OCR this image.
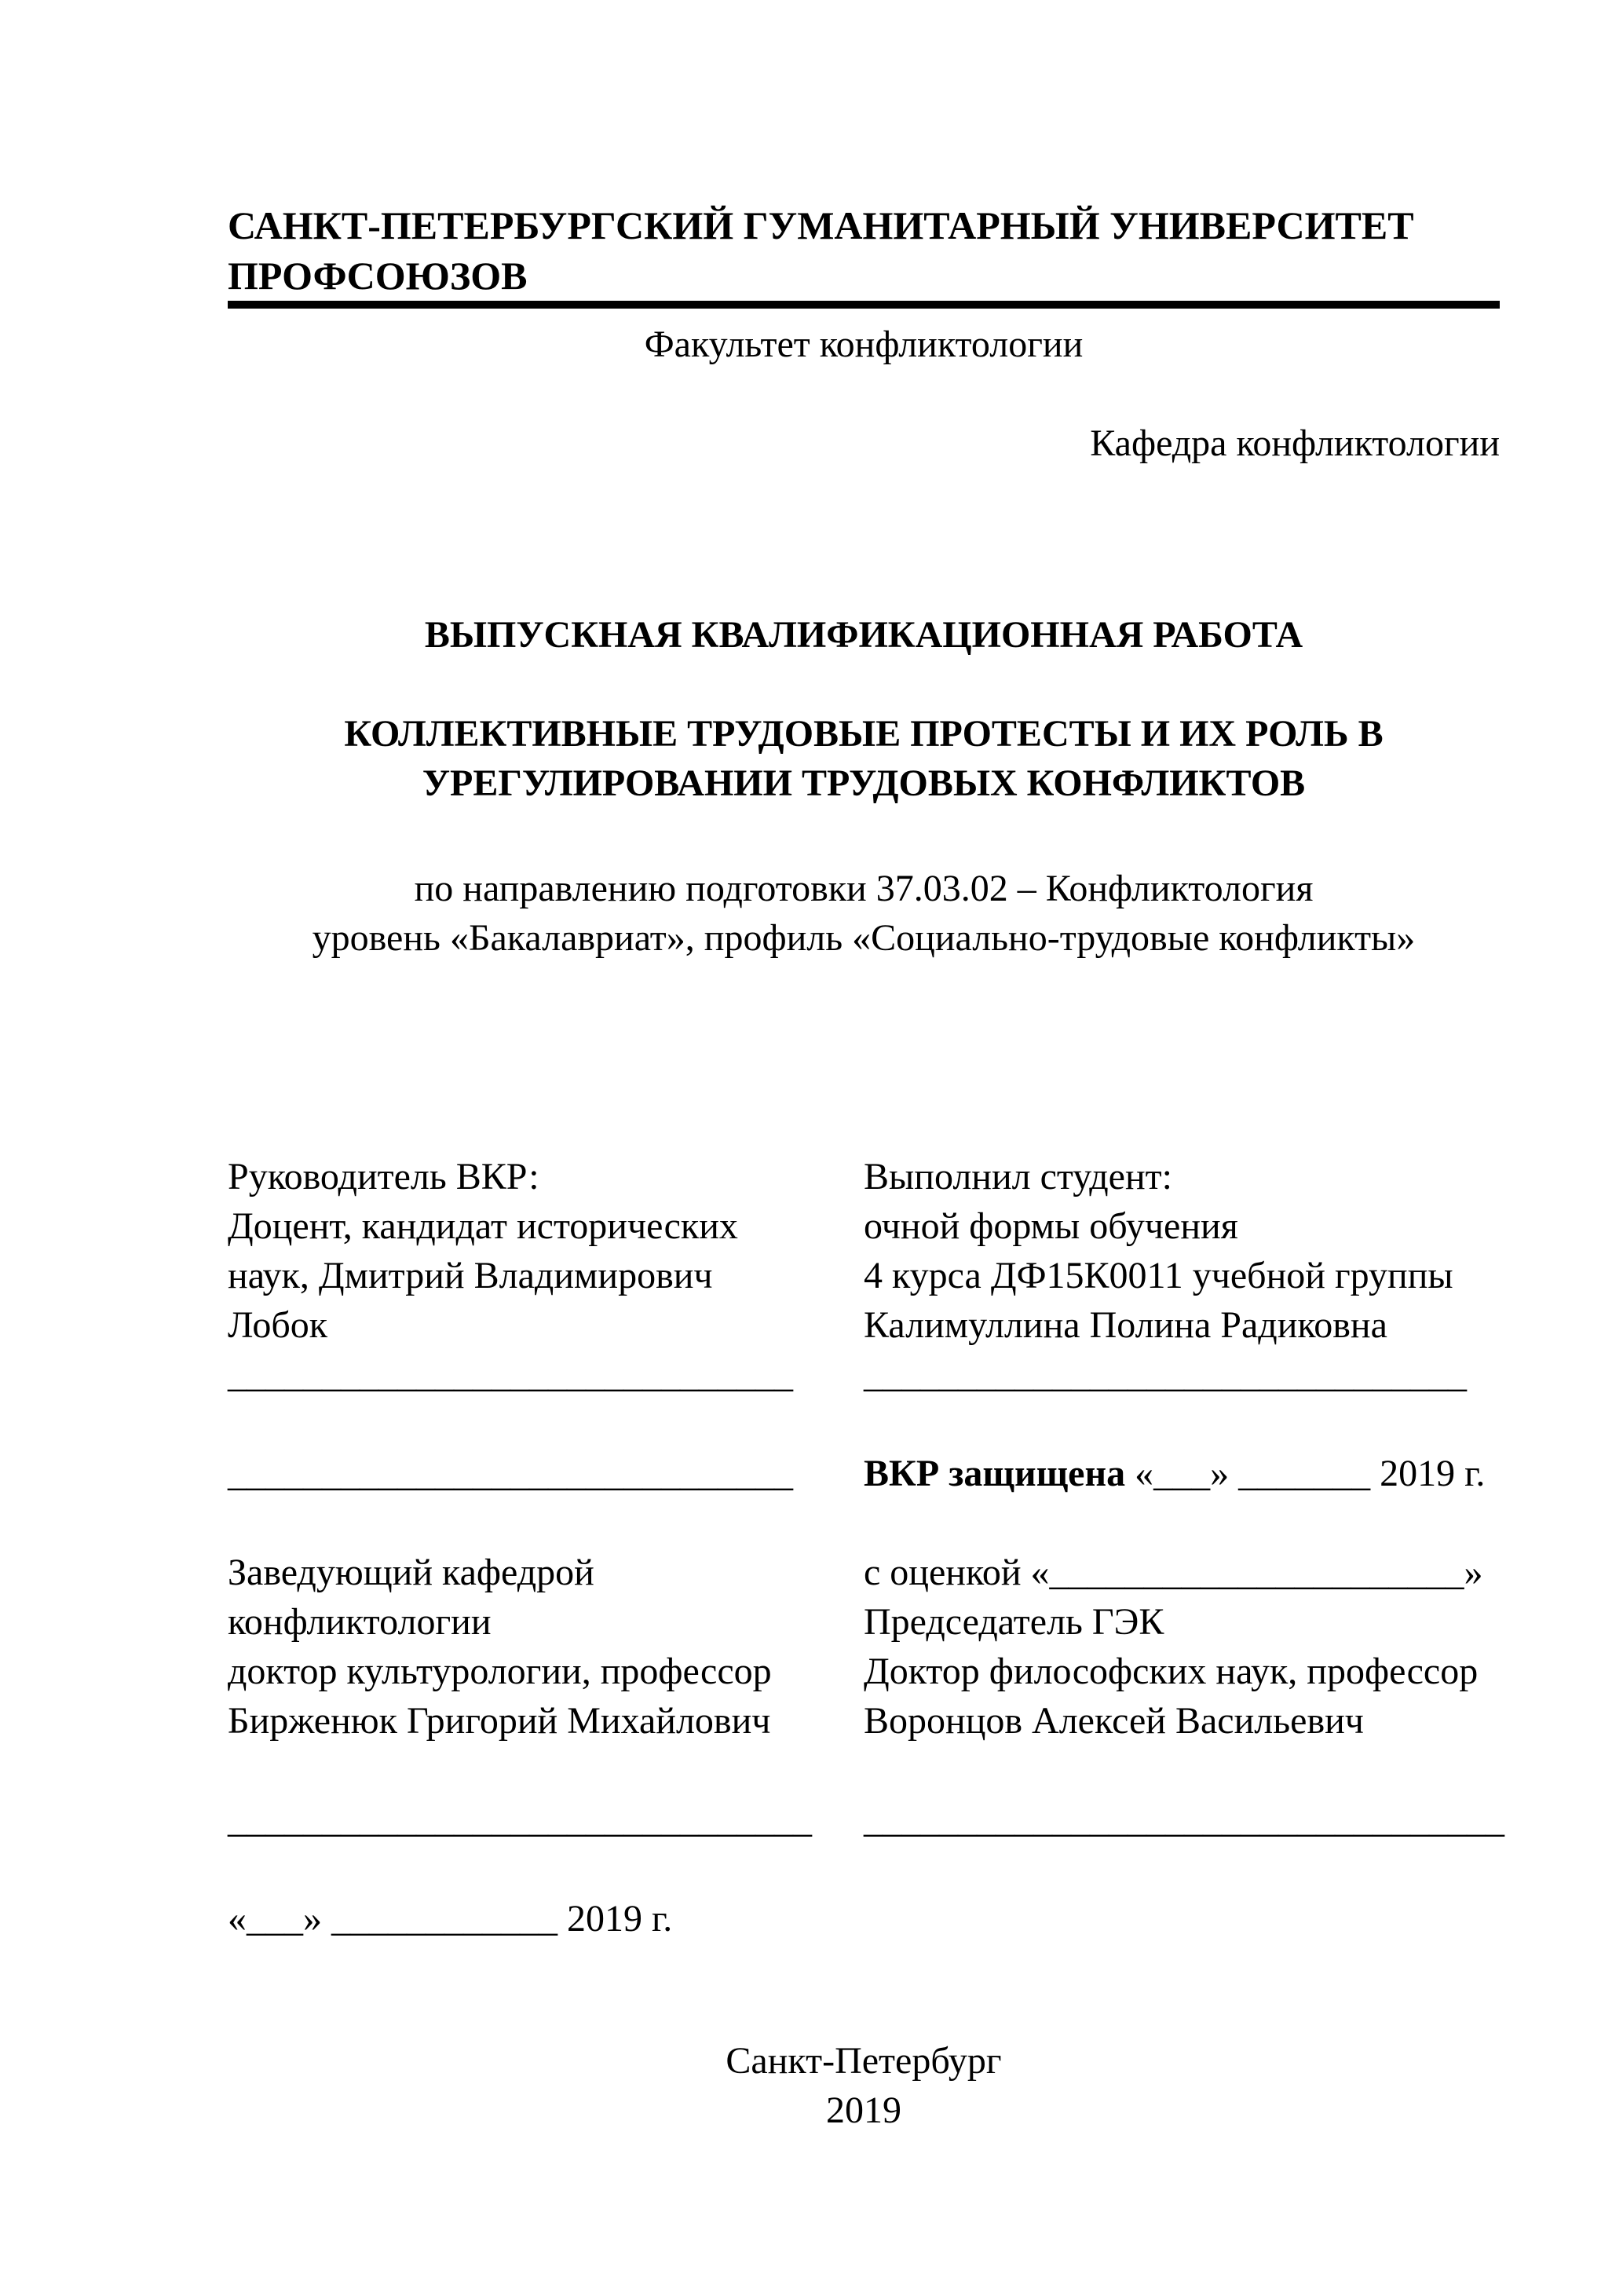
САНКТ-ПЕТЕРБУРГСКИЙ ГУМАНИТАРНЫЙ УНИВЕРСИТЕТ ПРОФСОЮЗОВ
Факультет конфликтологии
Кафедра конфликтологии
ВЫПУСКНАЯ КВАЛИФИКАЦИОННАЯ РАБОТА
КОЛЛЕКТИВНЫЕ ТРУДОВЫЕ ПРОТЕСТЫ И ИХ РОЛЬ В
УРЕГУЛИРОВАНИИ ТРУДОВЫХ КОНФЛИКТОВ
по направлению подготовки 37.03.02 – Конфликтология
уровень «Бакалавриат», профиль «Социально-трудовые конфликты»
Руководитель ВКР:
Доцент, кандидат исторических
наук, Дмитрий Владимирович
Лобок
______________________________
______________________________
Заведующий кафедрой
конфликтологии
доктор культурологии, профессор
Бирженюк Григорий Михайлович
_______________________________
«___» ____________ 2019 г.
Выполнил студент:
очной формы обучения
4 курса ДФ15К0011 учебной группы
Калимуллина Полина Радиковна
________________________________
ВКР защищена «___» _______ 2019 г.
с оценкой «______________________»
Председатель ГЭК
Доктор философских наук, профессор
Воронцов Алексей Васильевич
__________________________________
Санкт-Петербург
2019
